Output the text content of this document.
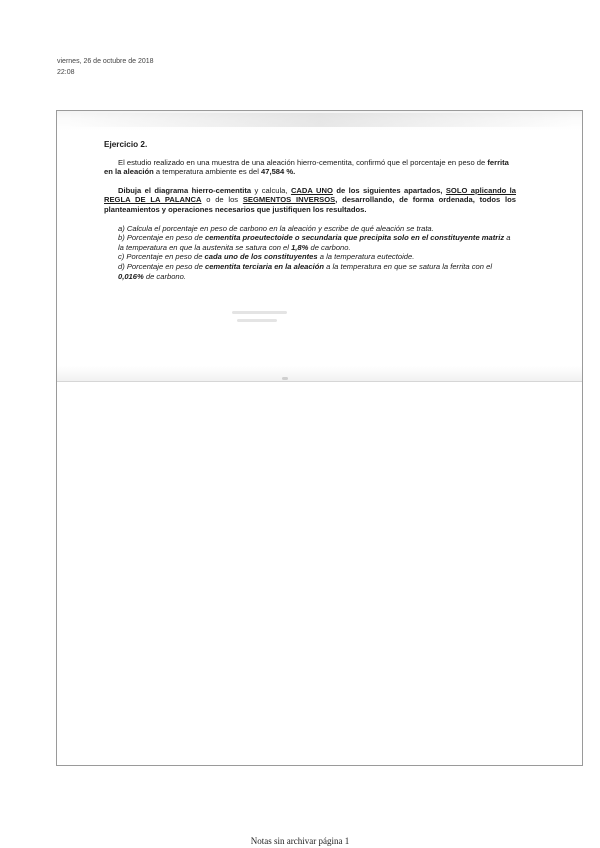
viernes, 26 de octubre de 2018
22:08
Ejercicio 2.
El estudio realizado en una muestra de una aleación hierro-cementita, confirmó que el porcentaje en peso de ferrita en la aleación a temperatura ambiente es del 47,584 %.
Dibuja el diagrama hierro-cementita y calcula, CADA UNO de los siguientes apartados, SOLO aplicando la REGLA DE LA PALANCA o de los SEGMENTOS INVERSOS, desarrollando, de forma ordenada, todos los planteamientos y operaciones necesarios que justifiquen los resultados.
a) Calcula el porcentaje en peso de carbono en la aleación y escribe de qué aleación se trata.
b) Porcentaje en peso de cementita proeutectoide o secundaria que precipita solo en el constituyente matriz a la temperatura en que la austenita se satura con el 1,8% de carbono.
c) Porcentaje en peso de cada uno de los constituyentes a la temperatura eutectoide.
d) Porcentaje en peso de cementita terciaria en la aleación a la temperatura en que se satura la ferrita con el 0,016% de carbono.
Notas sin archivar página 1
